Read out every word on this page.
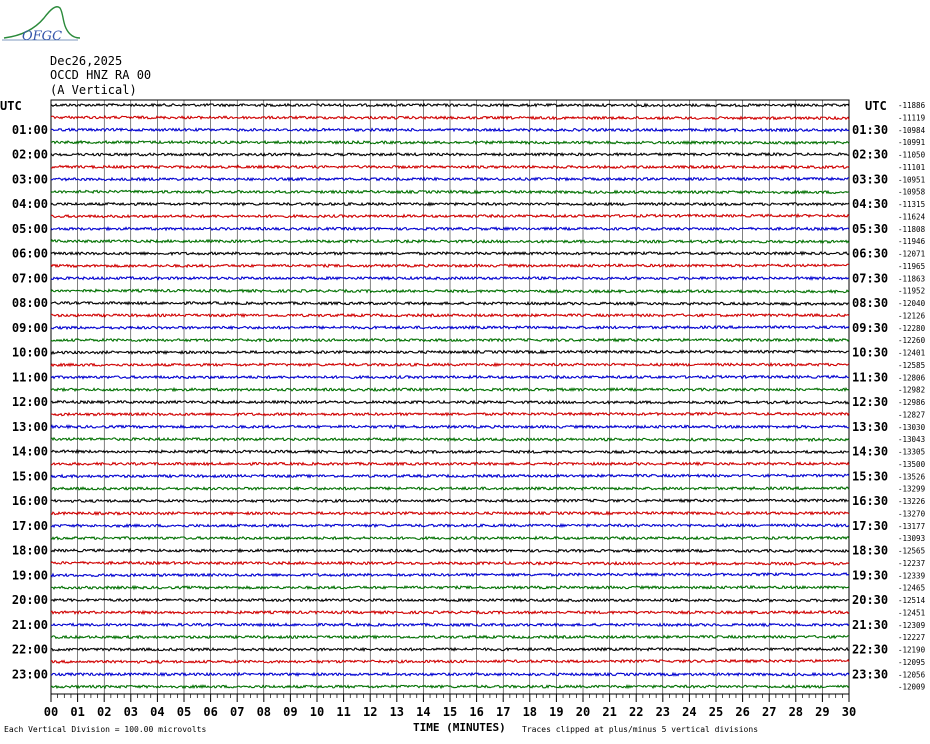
OFGC
Dec26,2025
OCCD HNZ RA 00
(A Vertical)
UTC	UTC
00 01 02 03 04 05 06 07 08 09 10 11 12 13 14 15 16 17 18 19 20 21 22 23 24 25 26 27 28 29 30
-11886
-11119
-10984
-10991
-11050
-11101
-10951
-10958
-11315
-11624
-11808
-11946
-12071
-11965
-11863
-11952
-12040
-12126
-12280
-12260
-12401
-12585
-12806
-12982
-12986
-12827
-13030
-13043
-13305
-13500
-13526
-13299
-13226
-13270
-13177
-13093
-12565
-12237
-12339
-12465
-12514
-12451
-12309
-12227
-12190
-12095
-12056
-12009
01:00
02:00
03:00
04:00
05:00
06:00
07:00
08:00
09:00
10:00
11:00
12:00
13:00
14:00
15:00
16:00
17:00
18:00
19:00
20:00
21:00
22:00
23:00
01:30
02:30
03:30
04:30
05:30
06:30
07:30
08:30
09:30
10:30
11:30
12:30
13:30
14:30
15:30
16:30
17:30
18:30
19:30
20:30
21:30
22:30
23:30
TIME (MINUTES)
Each Vertical Division = 100.00 microvolts	Traces clipped at plus/minus 5 vertical divisions
